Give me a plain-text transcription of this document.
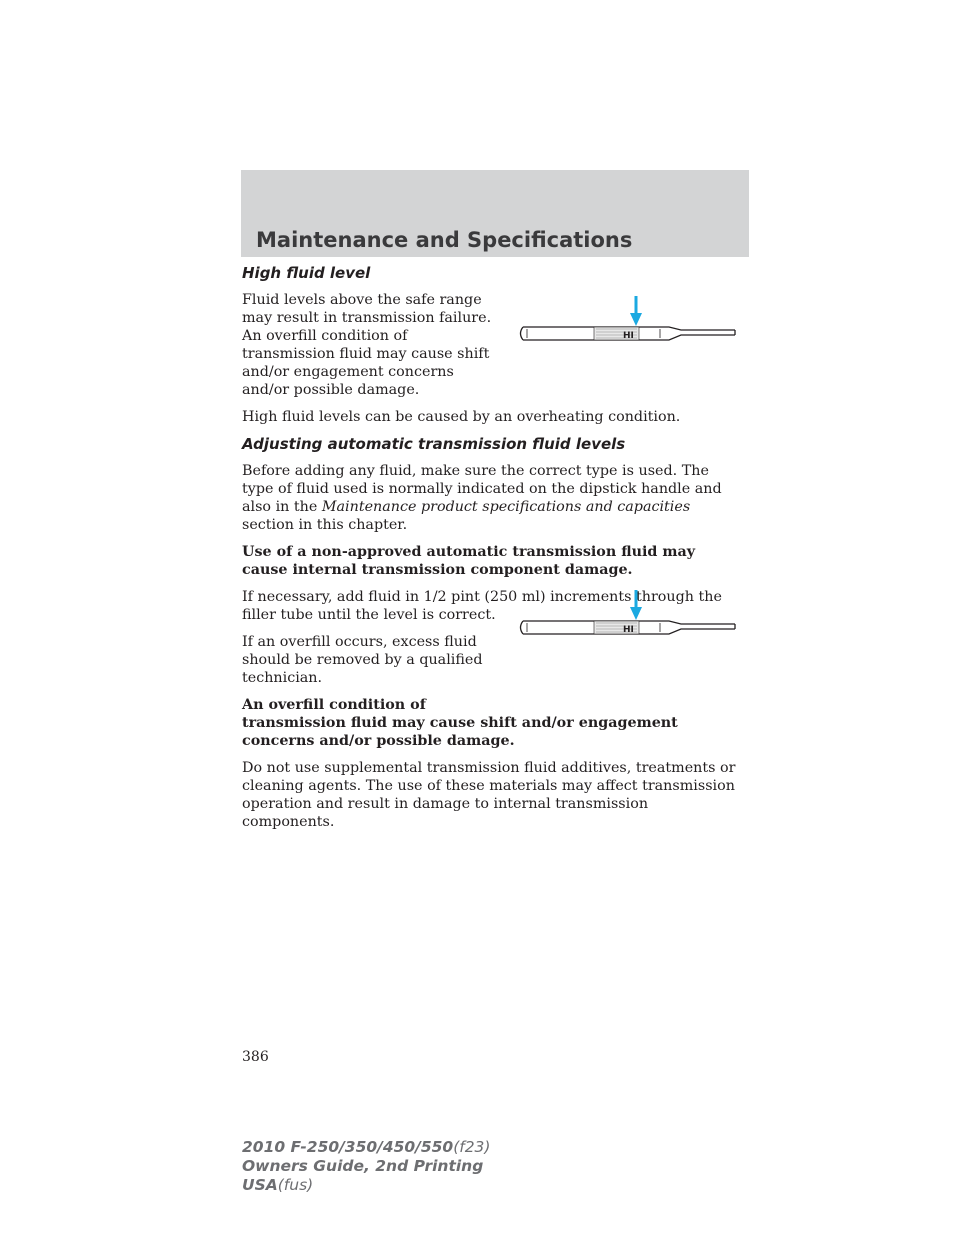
Maintenance and Specifications
High fluid level

Fluid levels above the safe range may result in transmission failure. An overfill condition of transmission fluid may cause shift and/or engagement concerns and/or possible damage.

High fluid levels can be caused by an overheating condition.

Adjusting automatic transmission fluid levels

Before adding any fluid, make sure the correct type is used. The type of fluid used is normally indicated on the dipstick handle and also in the Maintenance product specifications and capacities section in this chapter.

Use of a non-approved automatic transmission fluid may cause internal transmission component damage.

If necessary, add fluid in 1/2 pint (250 ml) increments through the filler tube until the level is correct.

If an overfill occurs, excess fluid should be removed by a qualified technician.

An overfill condition of
transmission fluid may cause shift and/or engagement concerns and/or possible damage.

Do not use supplemental transmission fluid additives, treatments or cleaning agents. The use of these materials may affect transmission operation and result in damage to internal transmission components.

HI
HI
386
2010 F-250/350/450/550(f23)
Owners Guide, 2nd Printing
USA(fus)
